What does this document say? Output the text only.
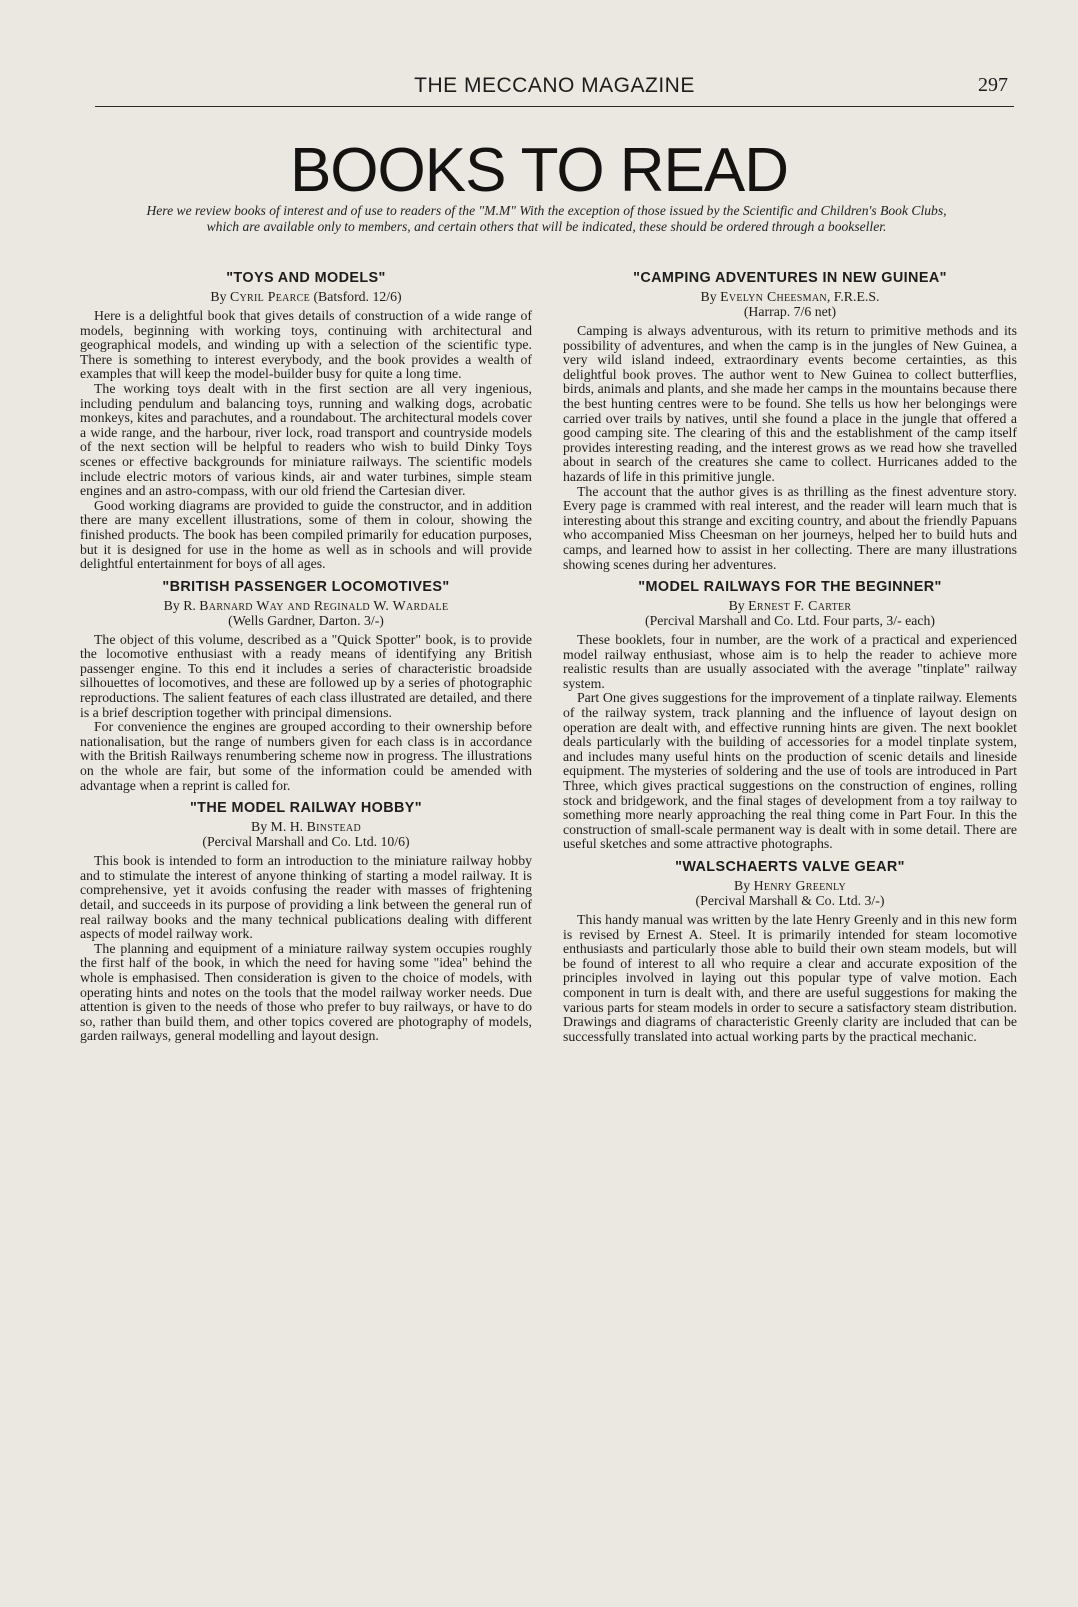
THE MECCANO MAGAZINE	297
BOOKS TO READ
Here we review books of interest and of use to readers of the "M.M" With the exception of those issued by the Scientific and Children's Book Clubs, which are available only to members, and certain others that will be indicated, these should be ordered through a bookseller.
"TOYS AND MODELS"

By Cyril Pearce (Batsford. 12/6)

Here is a delightful book that gives details of construction of a wide range of models, beginning with working toys, continuing with architectural and geographical models, and winding up with a selection of the scientific type. There is something to interest everybody, and the book provides a wealth of examples that will keep the model-builder busy for quite a long time.

The working toys dealt with in the first section are all very ingenious, including pendulum and balancing toys, running and walking dogs, acrobatic monkeys, kites and parachutes, and a roundabout. The architectural models cover a wide range, and the harbour, river lock, road transport and countryside models of the next section will be helpful to readers who wish to build Dinky Toys scenes or effective backgrounds for miniature railways. The scientific models include electric motors of various kinds, air and water turbines, simple steam engines and an astro-compass, with our old friend the Cartesian diver.

Good working diagrams are provided to guide the constructor, and in addition there are many excellent illustrations, some of them in colour, showing the finished products. The book has been compiled primarily for education purposes, but it is designed for use in the home as well as in schools and will provide delightful entertainment for boys of all ages.

"BRITISH PASSENGER LOCOMOTIVES"

By R. Barnard Way and Reginald W. Wardale

(Wells Gardner, Darton. 3/-)

The object of this volume, described as a "Quick Spotter" book, is to provide the locomotive enthusiast with a ready means of identifying any British passenger engine. To this end it includes a series of characteristic broadside silhouettes of locomotives, and these are followed up by a series of photographic reproductions. The salient features of each class illustrated are detailed, and there is a brief description together with principal dimensions.

For convenience the engines are grouped according to their ownership before nationalisation, but the range of numbers given for each class is in accordance with the British Railways renumbering scheme now in progress. The illustrations on the whole are fair, but some of the information could be amended with advantage when a reprint is called for.

"THE MODEL RAILWAY HOBBY"

By M. H. Binstead

(Percival Marshall and Co. Ltd. 10/6)

This book is intended to form an introduction to the miniature railway hobby and to stimulate the interest of anyone thinking of starting a model railway. It is comprehensive, yet it avoids confusing the reader with masses of frightening detail, and succeeds in its purpose of providing a link between the general run of real railway books and the many technical publications dealing with different aspects of model railway work.

The planning and equipment of a miniature railway system occupies roughly the first half of the book, in which the need for having some "idea" behind the whole is emphasised. Then consideration is given to the choice of models, with operating hints and notes on the tools that the model railway worker needs. Due attention is given to the needs of those who prefer to buy railways, or have to do so, rather than build them, and other topics covered are photography of models, garden railways, general modelling and layout design.

"CAMPING ADVENTURES IN NEW GUINEA"

By Evelyn Cheesman, F.R.E.S.

(Harrap. 7/6 net)

Camping is always adventurous, with its return to primitive methods and its possibility of adventures, and when the camp is in the jungles of New Guinea, a very wild island indeed, extraordinary events become certainties, as this delightful book proves. The author went to New Guinea to collect butterflies, birds, animals and plants, and she made her camps in the mountains because there the best hunting centres were to be found. She tells us how her belongings were carried over trails by natives, until she found a place in the jungle that offered a good camping site. The clearing of this and the establishment of the camp itself provides interesting reading, and the interest grows as we read how she travelled about in search of the creatures she came to collect. Hurricanes added to the hazards of life in this primitive jungle.

The account that the author gives is as thrilling as the finest adventure story. Every page is crammed with real interest, and the reader will learn much that is interesting about this strange and exciting country, and about the friendly Papuans who accompanied Miss Cheesman on her journeys, helped her to build huts and camps, and learned how to assist in her collecting. There are many illustrations showing scenes during her adventures.

"MODEL RAILWAYS FOR THE BEGINNER"

By Ernest F. Carter

(Percival Marshall and Co. Ltd. Four parts, 3/- each)

These booklets, four in number, are the work of a practical and experienced model railway enthusiast, whose aim is to help the reader to achieve more realistic results than are usually associated with the average "tinplate" railway system.

Part One gives suggestions for the improvement of a tinplate railway. Elements of the railway system, track planning and the influence of layout design on operation are dealt with, and effective running hints are given. The next booklet deals particularly with the building of accessories for a model tinplate system, and includes many useful hints on the production of scenic details and lineside equipment. The mysteries of soldering and the use of tools are introduced in Part Three, which gives practical suggestions on the construction of engines, rolling stock and bridgework, and the final stages of development from a toy railway to something more nearly approaching the real thing come in Part Four. In this the construction of small-scale permanent way is dealt with in some detail. There are useful sketches and some attractive photographs.

"WALSCHAERTS VALVE GEAR"

By Henry Greenly

(Percival Marshall & Co. Ltd. 3/-)

This handy manual was written by the late Henry Greenly and in this new form is revised by Ernest A. Steel. It is primarily intended for steam locomotive enthusiasts and particularly those able to build their own steam models, but will be found of interest to all who require a clear and accurate exposition of the principles involved in laying out this popular type of valve motion. Each component in turn is dealt with, and there are useful suggestions for making the various parts for steam models in order to secure a satisfactory steam distribution. Drawings and diagrams of characteristic Greenly clarity are included that can be successfully translated into actual working parts by the practical mechanic.
